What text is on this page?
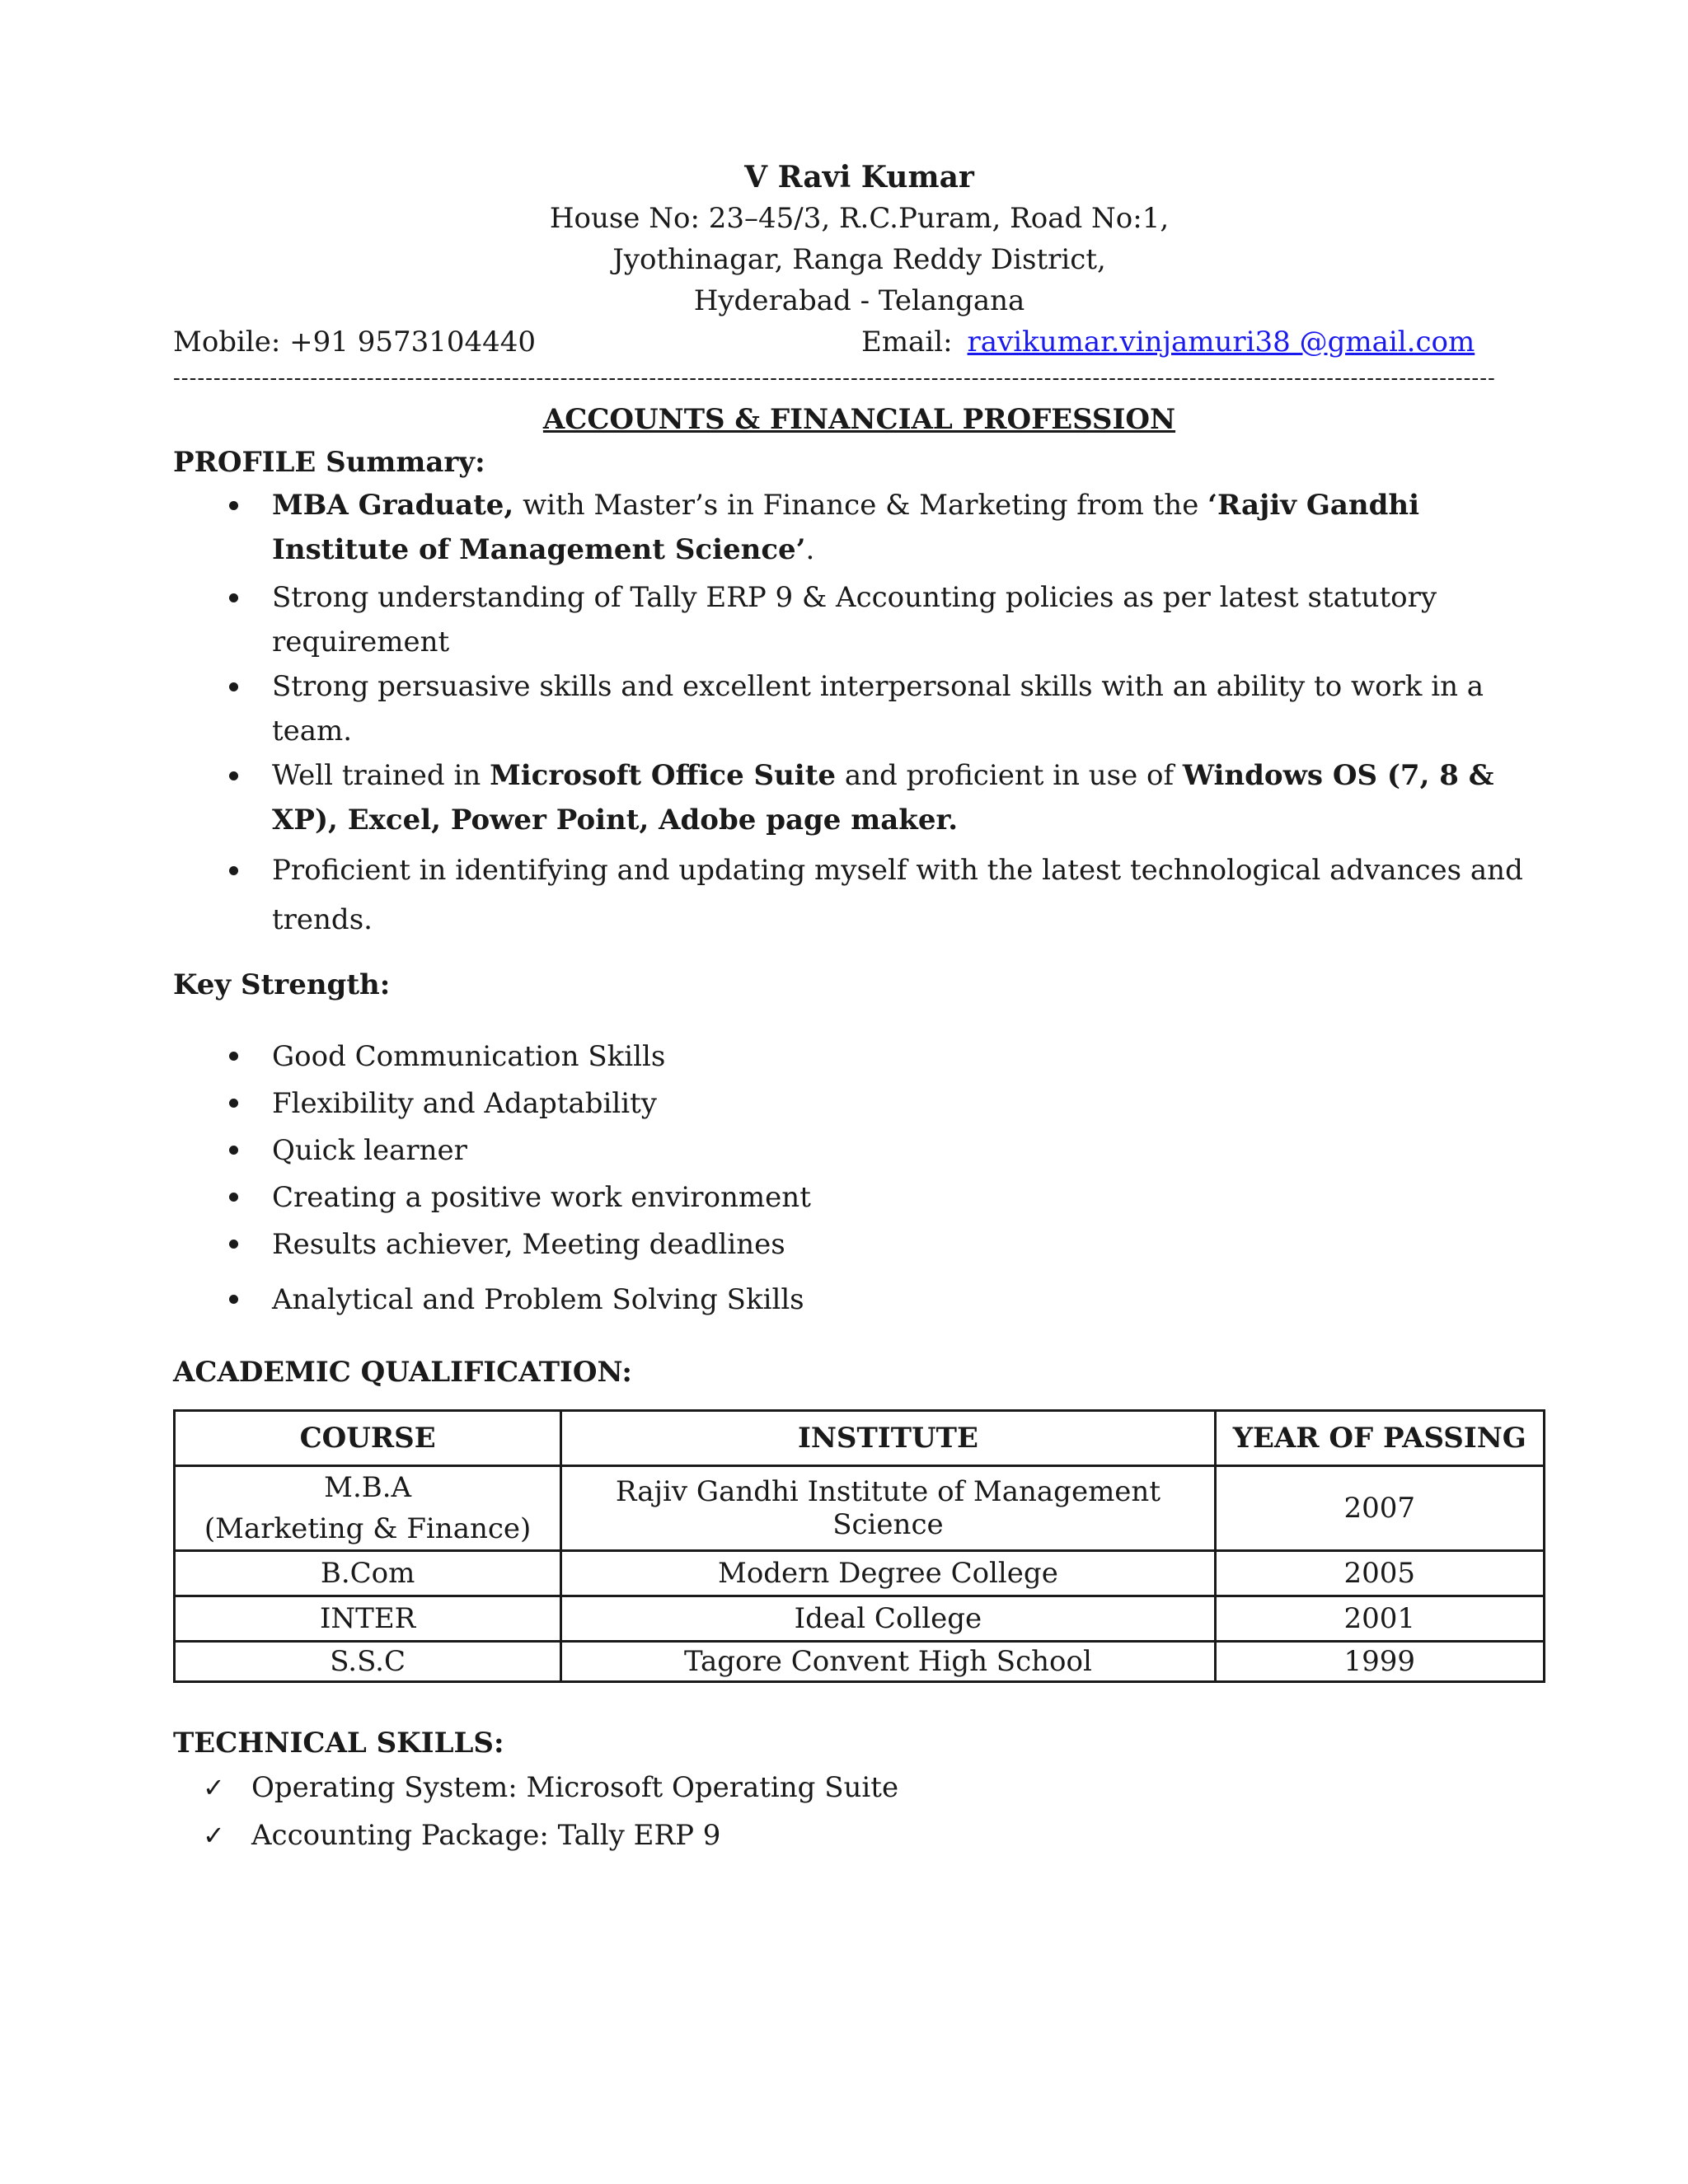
V Ravi Kumar
House No: 23–45/3, R.C.Puram, Road No:1,
Jyothinagar, Ranga Reddy District,
Hyderabad - Telangana
Mobile: +91 9573104440	Email: ravikumar.vinjamuri38 @gmail.com
--------------------------------------------------------------------------------------------------------------------------------------------------------------------
ACCOUNTS & FINANCIAL PROFESSION
PROFILE Summary:
MBA Graduate, with Master’s in Finance & Marketing from the ‘Rajiv Gandhi Institute of Management Science’.
Strong understanding of Tally ERP 9 & Accounting policies as per latest statutory requirement
Strong persuasive skills and excellent interpersonal skills with an ability to work in a team.
Well trained in Microsoft Office Suite and proficient in use of Windows OS (7, 8 & XP), Excel, Power Point, Adobe page maker.
Proficient in identifying and updating myself with the latest technological advances and trends.
Key Strength:
Good Communication Skills
Flexibility and Adaptability
Quick learner
Creating a positive work environment
Results achiever, Meeting deadlines
Analytical and Problem Solving Skills
ACADEMIC QUALIFICATION:
COURSE	INSTITUTE	YEAR OF PASSING

M.B.A
(Marketing & Finance)	Rajiv Gandhi Institute of Management Science	2007
B.Com	Modern Degree College	2005
INTER	Ideal College	2001
S.S.C	Tagore Convent High School	1999
TECHNICAL SKILLS:
✓ Operating System: Microsoft Operating Suite
✓ Accounting Package: Tally ERP 9
